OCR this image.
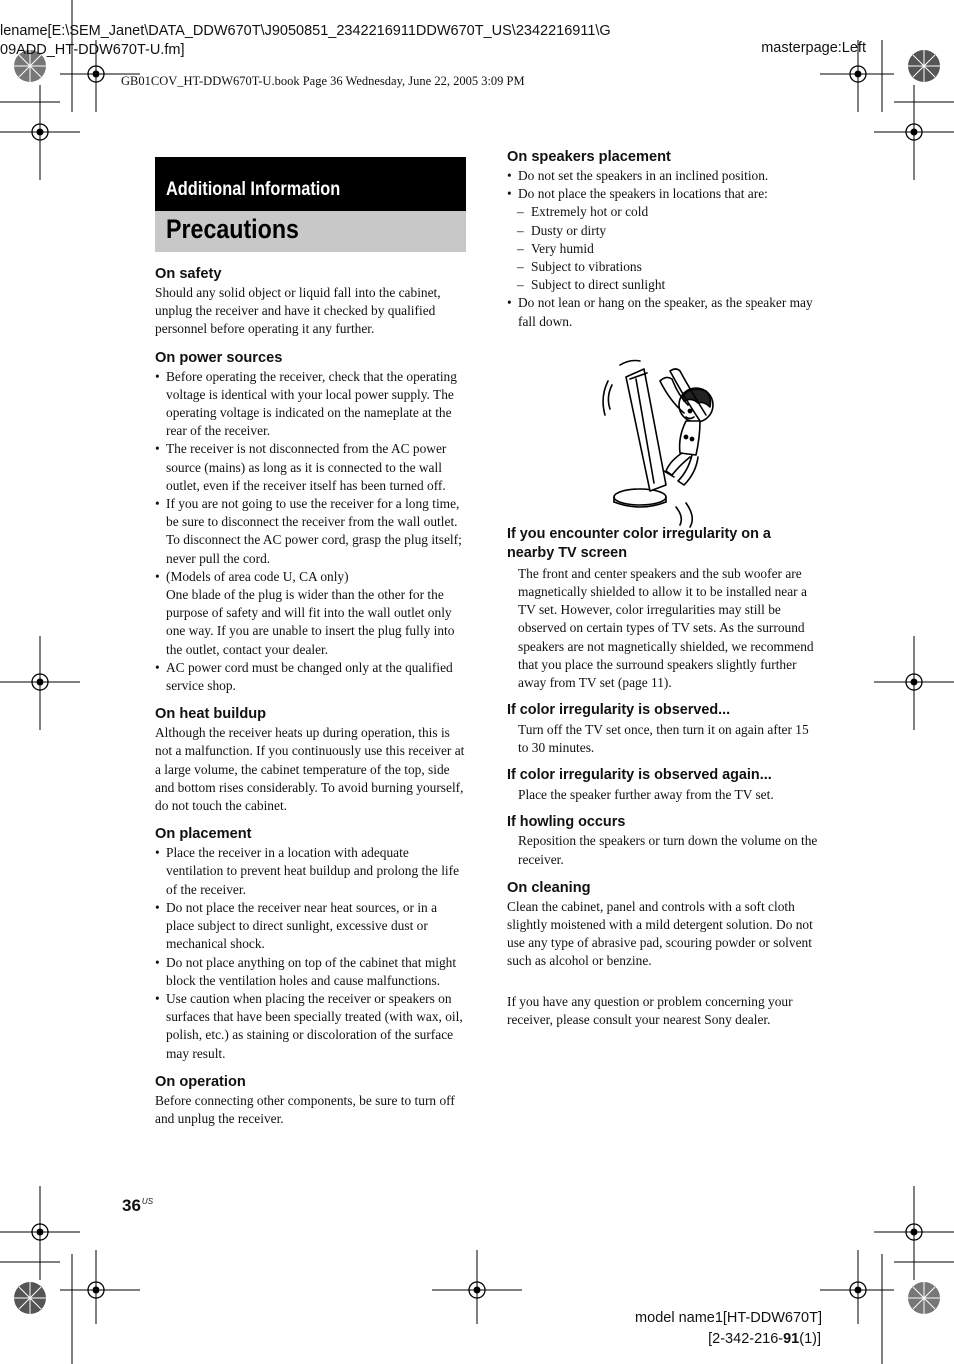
lename[E:\SEM_Janet\DATA_DDW670T\J9050851_2342216911DDW670T_US\2342216911\G
09ADD_HT-DDW670T-U.fm]	masterpage:Left
GB01COV_HT-DDW670T-U.book Page 36 Wednesday, June 22, 2005 3:09 PM
Additional Information
Precautions
On safety

Should any solid object or liquid fall into the cabinet, unplug the receiver and have it checked by qualified personnel before operating it any further.

On power sources
• Before operating the receiver, check that the operating voltage is identical with your local power supply. The operating voltage is indicated on the nameplate at the rear of the receiver.
• The receiver is not disconnected from the AC power source (mains) as long as it is connected to the wall outlet, even if the receiver itself has been turned off.
• If you are not going to use the receiver for a long time, be sure to disconnect the receiver from the wall outlet. To disconnect the AC power cord, grasp the plug itself; never pull the cord.
• (Models of area code U, CA only)
One blade of the plug is wider than the other for the purpose of safety and will fit into the wall outlet only one way. If you are unable to insert the plug fully into the outlet, contact your dealer.
• AC power cord must be changed only at the qualified service shop.
On heat buildup

Although the receiver heats up during operation, this is not a malfunction. If you continuously use this receiver at a large volume, the cabinet temperature of the top, side and bottom rises considerably. To avoid burning yourself, do not touch the cabinet.

On placement
• Place the receiver in a location with adequate ventilation to prevent heat buildup and prolong the life of the receiver.
• Do not place the receiver near heat sources, or in a place subject to direct sunlight, excessive dust or mechanical shock.
• Do not place anything on top of the cabinet that might block the ventilation holes and cause malfunctions.
• Use caution when placing the receiver or speakers on surfaces that have been specially treated (with wax, oil, polish, etc.) as staining or discoloration of the surface may result.
On operation

Before connecting other components, be sure to turn off and unplug the receiver.

On speakers placement
• Do not set the speakers in an inclined position.
• Do not place the speakers in locations that are:
– Extremely hot or cold
– Dusty or dirty
– Very humid
– Subject to vibrations
– Subject to direct sunlight
• Do not lean or hang on the speaker, as the speaker may fall down.
If you encounter color irregularity on a nearby TV screen

The front and center speakers and the sub woofer are magnetically shielded to allow it to be installed near a TV set. However, color irregularities may still be observed on certain types of TV sets. As the surround speakers are not magnetically shielded, we recommend that you place the surround speakers slightly further away from TV set (page 11).

If color irregularity is observed...

Turn off the TV set once, then turn it on again after 15 to 30 minutes.

If color irregularity is observed again...

Place the speaker further away from the TV set.

If howling occurs

Reposition the speakers or turn down the volume on the receiver.

On cleaning

Clean the cabinet, panel and controls with a soft cloth slightly moistened with a mild detergent solution. Do not use any type of abrasive pad, scouring powder or solvent such as alcohol or benzine.

If you have any question or problem concerning your receiver, please consult your nearest Sony dealer.

$36^{US}$
model name1[HT-DDW670T]
[2-342-216-91(1)]
